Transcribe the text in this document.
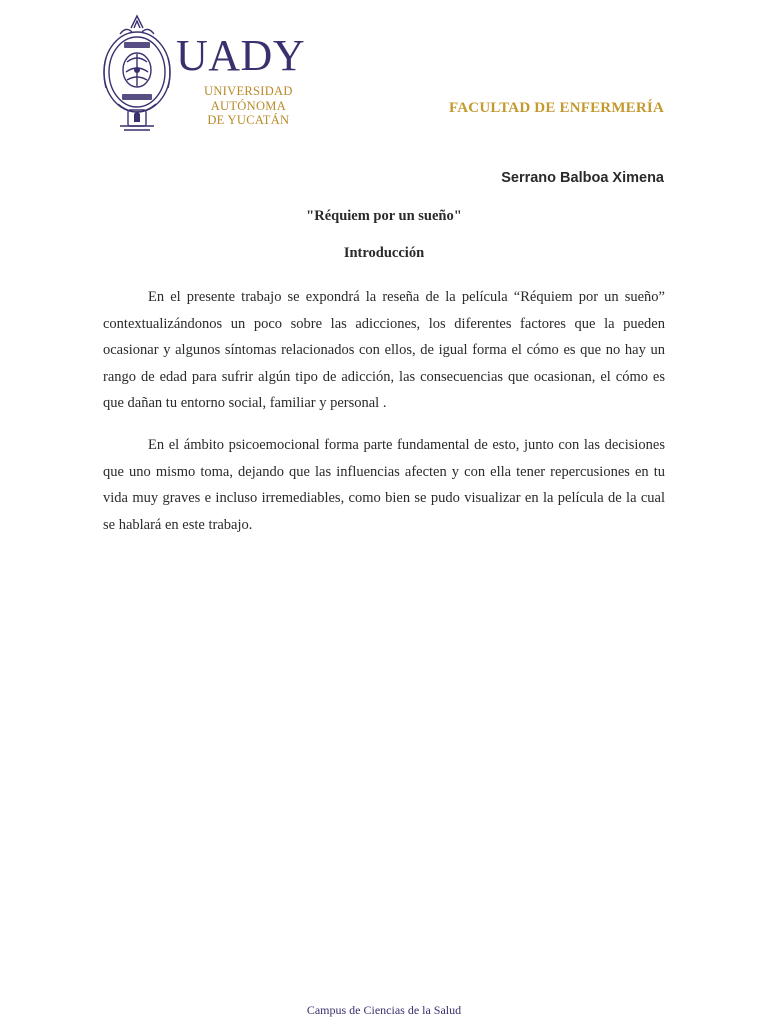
UADY
UNIVERSIDAD
AUTÓNOMA
DE YUCATÁN
FACULTAD DE ENFERMERÍA
Serrano Balboa Ximena
"Réquiem por un sueño"
Introducción

En el presente trabajo se expondrá la reseña de la película “Réquiem por un sueño” contextualizándonos un poco sobre las adicciones, los diferentes factores que la pueden ocasionar y algunos síntomas relacionados con ellos, de igual forma el cómo es que no hay un rango de edad para sufrir algún tipo de adicción, las consecuencias que ocasionan, el cómo es que dañan tu entorno social, familiar y personal .

En el ámbito psicoemocional forma parte fundamental de esto, junto con las decisiones que uno mismo toma, dejando que las influencias afecten y con ella tener repercusiones en tu vida muy graves e incluso irremediables, como bien se pudo visualizar en la película de la cual se hablará en este trabajo.

Campus de Ciencias de la Salud
